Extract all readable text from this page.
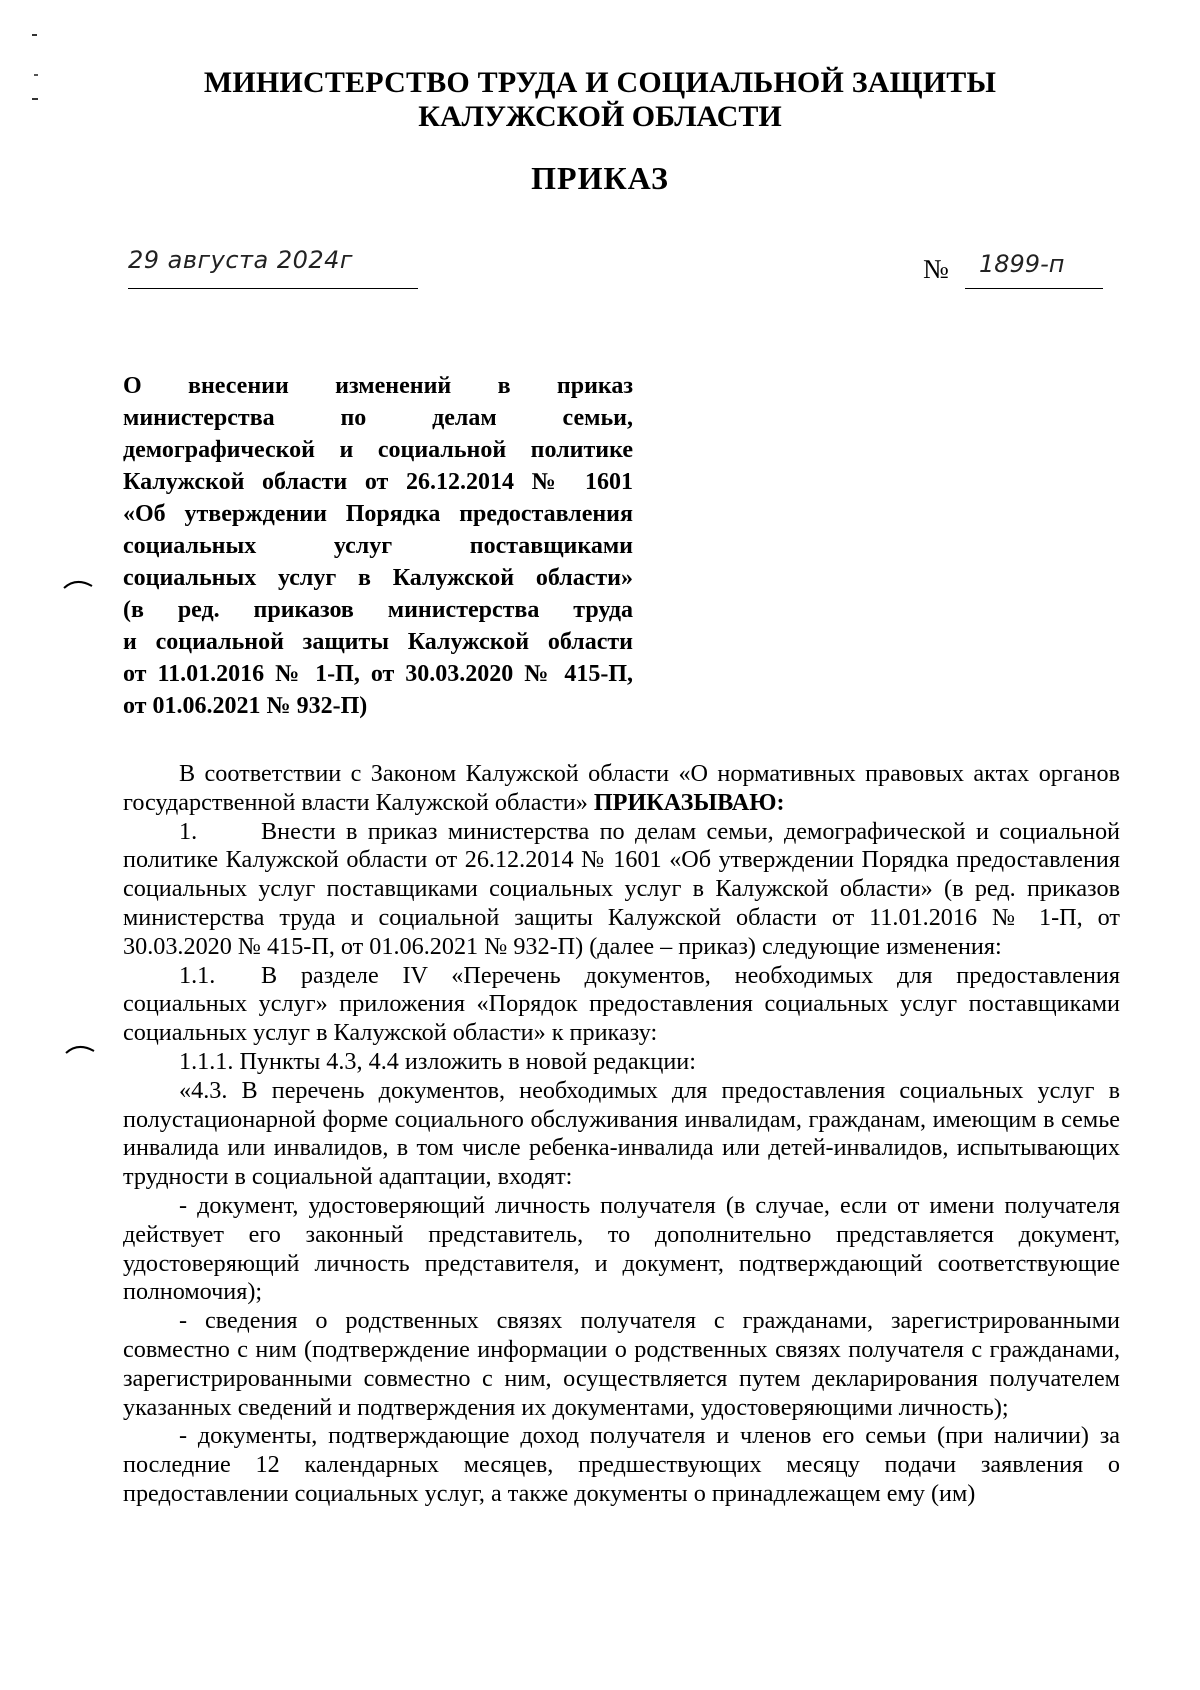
МИНИСТЕРСТВО ТРУДА И СОЦИАЛЬНОЙ ЗАЩИТЫ
КАЛУЖСКОЙ ОБЛАСТИ
ПРИКАЗ
29 августа 2024г	№ 1899-п
О внесении изменений в приказ
министерства по делам семьи,
демографической и социальной политике
Калужской области от 26.12.2014 № 1601
«Об утверждении Порядка предоставления
социальных услуг поставщиками
социальных услуг в Калужской области»
(в ред. приказов министерства труда
и социальной защиты Калужской области
от 11.01.2016 № 1-П, от 30.03.2020 № 415-П,
от 01.06.2021 № 932-П)
В соответствии с Законом Калужской области «О нормативных правовых актах органов государственной власти Калужской области» ПРИКАЗЫВАЮ:
1.	Внести в приказ министерства по делам семьи, демографической и социальной политике Калужской области от 26.12.2014 № 1601 «Об утверждении Порядка предоставления социальных услуг поставщиками социальных услуг в Калужской области» (в ред. приказов министерства труда и социальной защиты Калужской области от 11.01.2016 № 1-П, от 30.03.2020 № 415-П, от 01.06.2021 № 932-П) (далее – приказ) следующие изменения:
1.1. В разделе IV «Перечень документов, необходимых для предоставления социальных услуг» приложения «Порядок предоставления социальных услуг поставщиками социальных услуг в Калужской области» к приказу:
1.1.1. Пункты 4.3, 4.4 изложить в новой редакции:
«4.3. В перечень документов, необходимых для предоставления социальных услуг в полустационарной форме социального обслуживания инвалидам, гражданам, имеющим в семье инвалида или инвалидов, в том числе ребенка-инвалида или детей-инвалидов, испытывающих трудности в социальной адаптации, входят:
- документ, удостоверяющий личность получателя (в случае, если от имени получателя действует его законный представитель, то дополнительно представляется документ, удостоверяющий личность представителя, и документ, подтверждающий соответствующие полномочия);
- сведения о родственных связях получателя с гражданами, зарегистрированными совместно с ним (подтверждение информации о родственных связях получателя с гражданами, зарегистрированными совместно с ним, осуществляется путем декларирования получателем указанных сведений и подтверждения их документами, удостоверяющими личность);
- документы, подтверждающие доход получателя и членов его семьи (при наличии) за последние 12 календарных месяцев, предшествующих месяцу подачи заявления о предоставлении социальных услуг, а также документы о принадлежащем ему (им)
